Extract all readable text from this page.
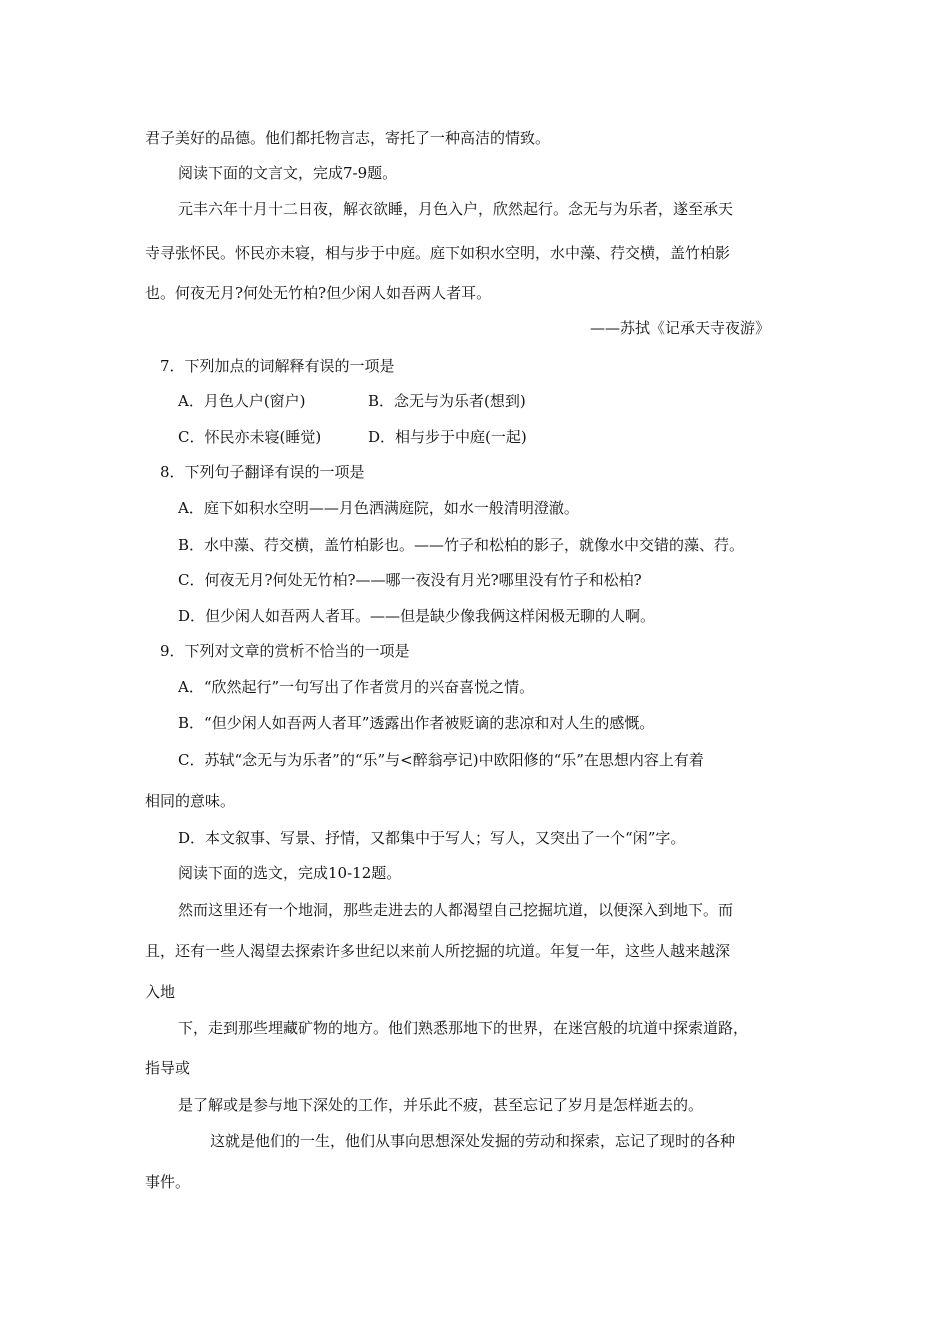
君子美好的品德。他们都托物言志，寄托了一种高洁的情致。

阅读下面的文言文，完成7-9题。

元丰六年十月十二日夜，解衣欲睡，月色入户，欣然起行。念无与为乐者，遂至承天

寺寻张怀民。怀民亦未寝，相与步于中庭。庭下如积水空明，水中藻、荇交横，盖竹柏影

也。何夜无月?何处无竹柏?但少闲人如吾两人者耳。

——苏拭《记承天寺夜游》

7．下列加点的词解释有误的一项是

A．月色人户(窗户)	B．念无与为乐者(想到)

C．怀民亦未寝(睡觉)	D．相与步于中庭(一起)

8．下列句子翻译有误的一项是

A．庭下如积水空明——月色洒满庭院，如水一般清明澄澈。

B．水中藻、荇交横，盖竹柏影也。——竹子和松柏的影子，就像水中交错的藻、荇。

C．何夜无月?何处无竹柏?——哪一夜没有月光?哪里没有竹子和松柏?

D．但少闲人如吾两人者耳。——但是缺少像我俩这样闲极无聊的人啊。

9．下列对文章的赏析不恰当的一项是

A．“欣然起行”一句写出了作者赏月的兴奋喜悦之情。

B．“但少闲人如吾两人者耳”透露出作者被贬谪的悲凉和对人生的感慨。

C．苏轼“念无与为乐者”的“乐”与<醉翁亭记)中欧阳修的“乐”在思想内容上有着

相同的意味。

D．本文叙事、写景、抒情，又都集中于写人；写人，又突出了一个“闲”字。

阅读下面的选文，完成10-12题。

然而这里还有一个地洞，那些走进去的人都渴望自己挖掘坑道，以便深入到地下。而

且，还有一些人渴望去探索许多世纪以来前人所挖掘的坑道。年复一年，这些人越来越深

入地

下，走到那些埋藏矿物的地方。他们熟悉那地下的世界，在迷宫般的坑道中探索道路，

指导或

是了解或是参与地下深处的工作，并乐此不疲，甚至忘记了岁月是怎样逝去的。

这就是他们的一生，他们从事向思想深处发掘的劳动和探索，忘记了现时的各种

事件。
